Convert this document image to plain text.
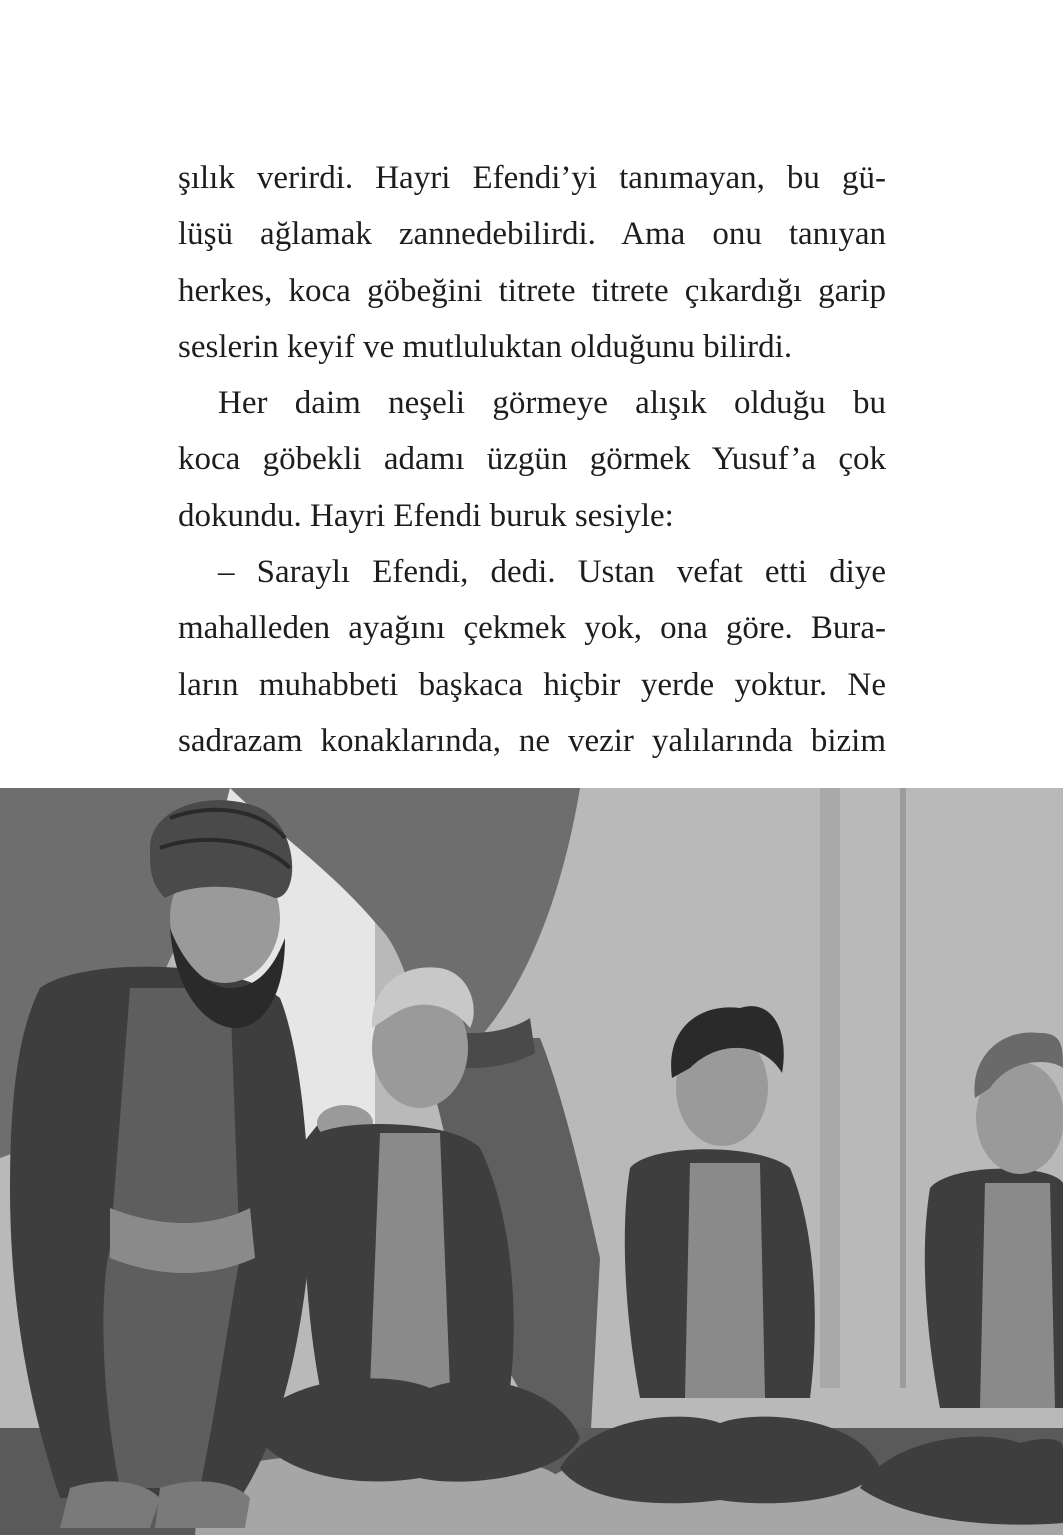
şılık verirdi. Hayri Efendi’yi tanımayan, bu gü-
lüşü ağlamak zannedebilirdi. Ama onu tanıyan
herkes, koca göbeğini titrete titrete çıkardığı garip
seslerin keyif ve mutluluktan olduğunu bilirdi.
Her daim neşeli görmeye alışık olduğu bu
koca göbekli adamı üzgün görmek Yusuf’a çok
dokundu. Hayri Efendi buruk sesiyle:
– Saraylı Efendi, dedi. Ustan vefat etti diye
mahalleden ayağını çekmek yok, ona göre. Bura-
ların muhabbeti başkaca hiçbir yerde yoktur. Ne
sadrazam konaklarında, ne vezir yalılarında bizim
